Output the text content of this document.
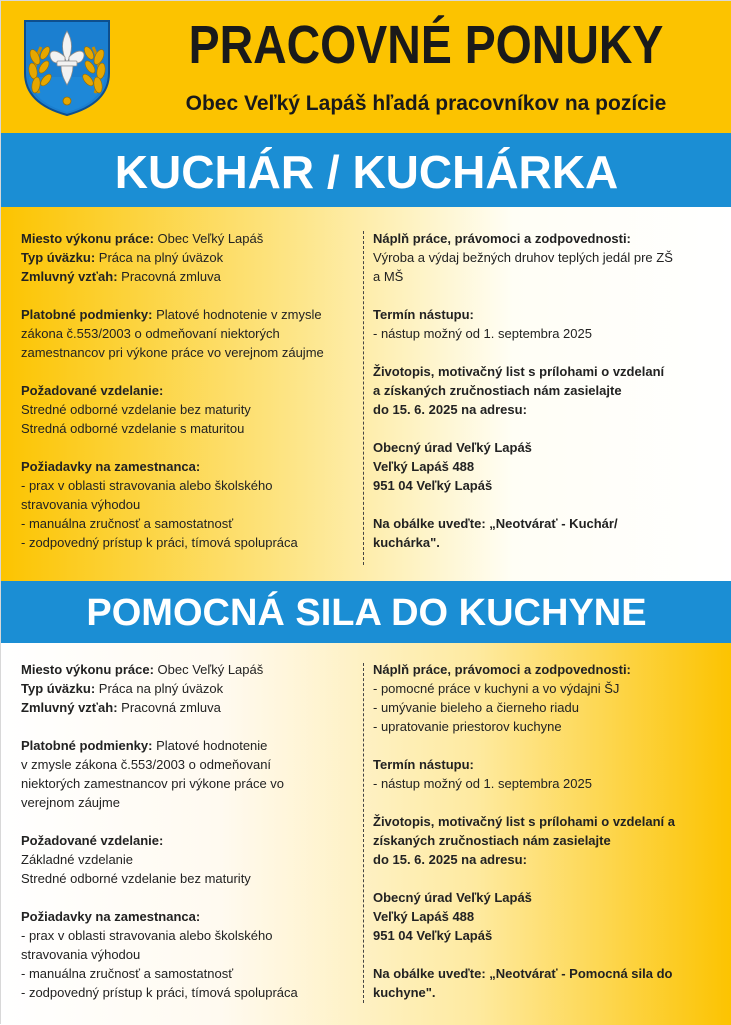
PRACOVNÉ PONUKY
Obec Veľký Lapáš hľadá pracovníkov na pozície
KUCHÁR / KUCHÁRKA
Miesto výkonu práce: Obec Veľký Lapáš
Typ úväzku: Práca na plný úväzok
Zmluvný vzťah: Pracovná zmluva
Platobné podmienky: Platové hodnotenie v zmysle
zákona č.553/2003 o odmeňovaní niektorých
zamestnancov pri výkone práce vo verejnom záujme
Požadované vzdelanie:
Stredné odborné vzdelanie bez maturity
Stredná odborné vzdelanie s maturitou
Požiadavky na zamestnanca:
- prax v oblasti stravovania alebo školského
stravovania výhodou
- manuálna zručnosť a samostatnosť
- zodpovedný prístup k práci, tímová spolupráca
Náplň práce, právomoci a zodpovednosti:
Výroba a výdaj bežných druhov teplých jedál pre ZŠ
a MŠ
Termín nástupu:
- nástup možný od 1. septembra 2025
Životopis, motivačný list s prílohami o vzdelaní
a získaných zručnostiach nám zasielajte
do 15. 6. 2025 na adresu:
Obecný úrad Veľký Lapáš
Veľký Lapáš 488
951 04 Veľký Lapáš
Na obálke uveďte: „Neotvárať - Kuchár/
kuchárka".
POMOCNÁ SILA DO KUCHYNE
Miesto výkonu práce: Obec Veľký Lapáš
Typ úväzku: Práca na plný úväzok
Zmluvný vzťah: Pracovná zmluva
Platobné podmienky: Platové hodnotenie
v zmysle zákona č.553/2003 o odmeňovaní
niektorých zamestnancov pri výkone práce vo
verejnom záujme
Požadované vzdelanie:
Základné vzdelanie
Stredné odborné vzdelanie bez maturity
Požiadavky na zamestnanca:
- prax v oblasti stravovania alebo školského
stravovania výhodou
- manuálna zručnosť a samostatnosť
- zodpovedný prístup k práci, tímová spolupráca
Náplň práce, právomoci a zodpovednosti:
- pomocné práce v kuchyni a vo výdajni ŠJ
- umývanie bieleho a čierneho riadu
- upratovanie priestorov kuchyne
Termín nástupu:
- nástup možný od 1. septembra 2025
Životopis, motivačný list s prílohami o vzdelaní a
získaných zručnostiach nám zasielajte
do 15. 6. 2025 na adresu:
Obecný úrad Veľký Lapáš
Veľký Lapáš 488
951 04 Veľký Lapáš
Na obálke uveďte: „Neotvárať - Pomocná sila do
kuchyne".
